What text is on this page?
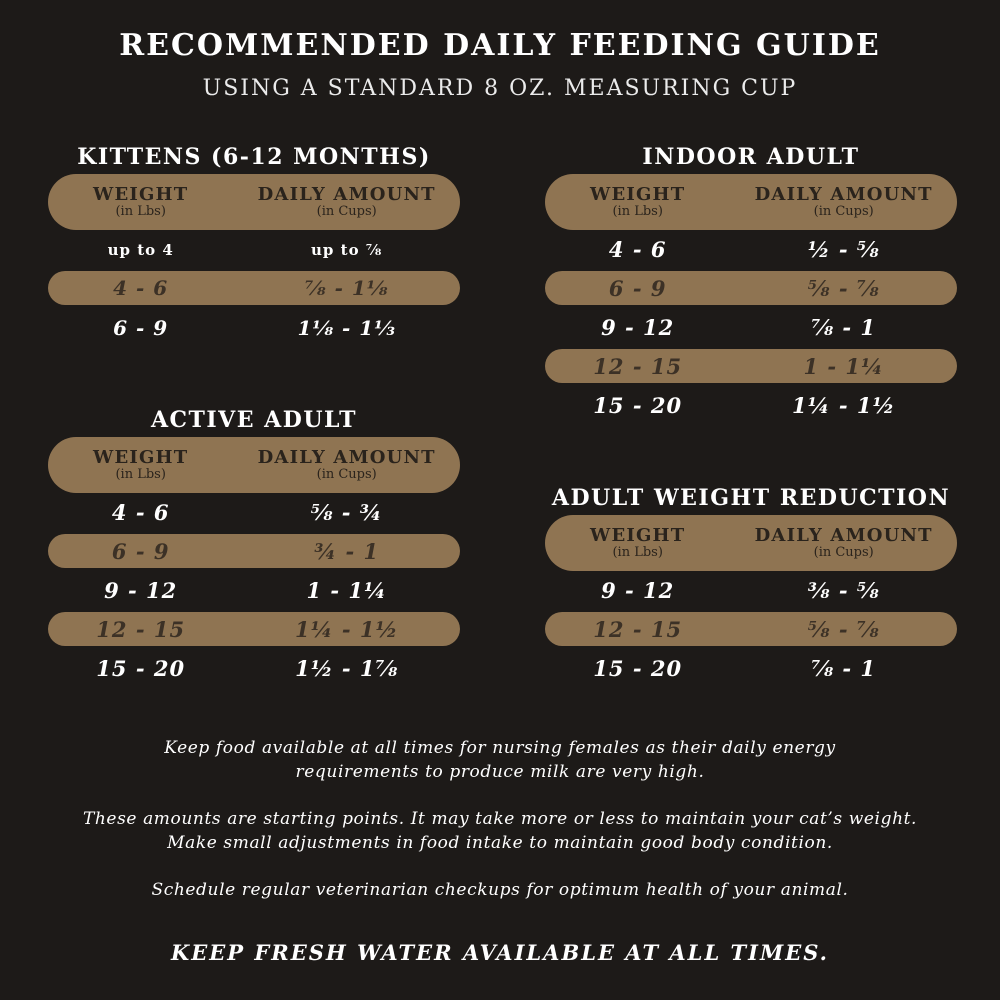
RECOMMENDED DAILY FEEDING GUIDE
USING A STANDARD 8 OZ. MEASURING CUP
KITTENS (6-12 MONTHS)
WEIGHT
(in Lbs)
DAILY AMOUNT
(in Cups)
up to 4	up to ⅞
4 - 6	⅞ - 1⅛
6 - 9	1⅛ - 1⅓
INDOOR ADULT
WEIGHT
(in Lbs)
DAILY AMOUNT
(in Cups)
4 - 6	½ - ⅝
6 - 9	⅝ - ⅞
9 - 12	⅞ - 1
12 - 15	1 - 1¼
15 - 20	1¼ - 1½
ACTIVE ADULT
WEIGHT
(in Lbs)
DAILY AMOUNT
(in Cups)
4 - 6	⅝ - ¾
6 - 9	¾ - 1
9 - 12	1 - 1¼
12 - 15	1¼ - 1½
15 - 20	1½ - 1⅞
ADULT WEIGHT REDUCTION
WEIGHT
(in Lbs)
DAILY AMOUNT
(in Cups)
9 - 12	⅜ - ⅝
12 - 15	⅝ - ⅞
15 - 20	⅞ - 1

Keep food available at all times for nursing females as their daily energy
requirements to produce milk are very high.

These amounts are starting points. It may take more or less to maintain your cat’s weight.
Make small adjustments in food intake to maintain good body condition.

Schedule regular veterinarian checkups for optimum health of your animal.

KEEP FRESH WATER AVAILABLE AT ALL TIMES.
